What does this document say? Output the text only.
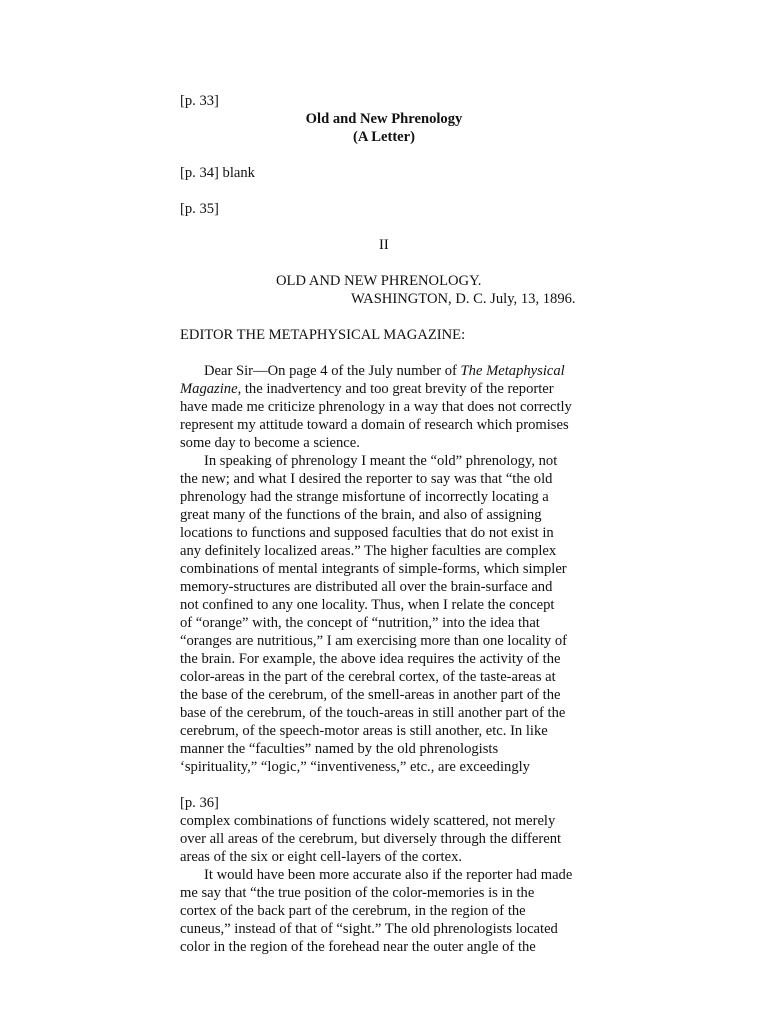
[p. 33]
Old and New Phrenology
(A Letter)
[p. 34] blank
[p. 35]
II
OLD AND NEW PHRENOLOGY.
WASHINGTON, D. C. July, 13, 1896.
EDITOR THE METAPHYSICAL MAGAZINE:
Dear Sir—On page 4 of the July number of The Metaphysical
Magazine, the inadvertency and too great brevity of the reporter
have made me criticize phrenology in a way that does not correctly
represent my attitude toward a domain of research which promises
some day to become a science.
In speaking of phrenology I meant the “old” phrenology, not
the new; and what I desired the reporter to say was that “the old
phrenology had the strange misfortune of incorrectly locating a
great many of the functions of the brain, and also of assigning
locations to functions and supposed faculties that do not exist in
any definitely localized areas.” The higher faculties are complex
combinations of mental integrants of simple-forms, which simpler
memory-structures are distributed all over the brain-surface and
not confined to any one locality. Thus, when I relate the concept
of “orange” with, the concept of “nutrition,” into the idea that
“oranges are nutritious,” I am exercising more than one locality of
the brain. For example, the above idea requires the activity of the
color-areas in the part of the cerebral cortex, of the taste-areas at
the base of the cerebrum, of the smell-areas in another part of the
base of the cerebrum, of the touch-areas in still another part of the
cerebrum, of the speech-motor areas is still another, etc. In like
manner the “faculties” named by the old phrenologists
‘spirituality,” “logic,” “inventiveness,” etc., are exceedingly
[p. 36]
complex combinations of functions widely scattered, not merely
over all areas of the cerebrum, but diversely through the different
areas of the six or eight cell-layers of the cortex.
It would have been more accurate also if the reporter had made
me say that “the true position of the color-memories is in the
cortex of the back part of the cerebrum, in the region of the
cuneus,” instead of that of “sight.” The old phrenologists located
color in the region of the forehead near the outer angle of the
